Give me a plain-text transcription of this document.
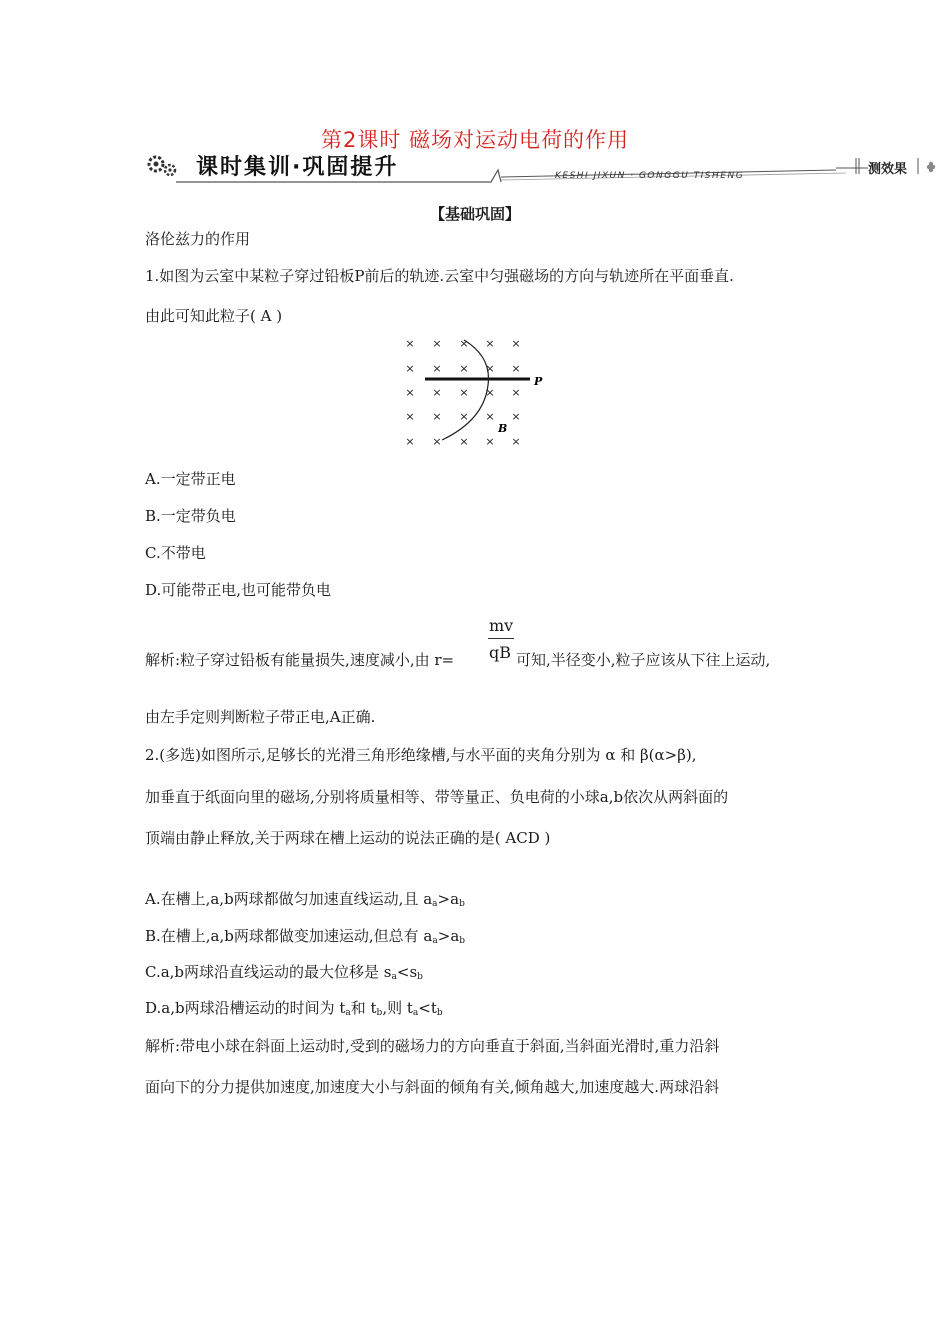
第2课时 磁场对运动电荷的作用
课时集训·巩固提升	KESHI JIXUN · GONGGU TISHENG	测效果
【基础巩固】
洛伦兹力的作用
1.如图为云室中某粒子穿过铅板P前后的轨迹.云室中匀强磁场的方向与轨迹所在平面垂直.
由此可知此粒子( A )
× × × × ×
× × × × ×
× × × × ×
× × × × ×
× × × × ×
P
B
A.一定带正电
B.一定带负电
C.不带电
D.可能带正电,也可能带负电
解析:粒子穿过铅板有能量损失,速度减小,由 r=
mv
qB 可知,半径变小,粒子应该从下往上运动,
由左手定则判断粒子带正电,A正确.
2.(多选)如图所示,足够长的光滑三角形绝缘槽,与水平面的夹角分别为 α 和 β(α>β),
加垂直于纸面向里的磁场,分别将质量相等、带等量正、负电荷的小球a,b依次从两斜面的
顶端由静止释放,关于两球在槽上运动的说法正确的是( ACD )
A.在槽上,a,b两球都做匀加速直线运动,且 $a_a>a_b$
B.在槽上,a,b两球都做变加速运动,但总有 $a_a>a_b$
C.a,b两球沿直线运动的最大位移是 $s_a<s_b$
D.a,b两球沿槽运动的时间为 $t_a$和 $t_b$,则 $t_a<t_b$
解析:带电小球在斜面上运动时,受到的磁场力的方向垂直于斜面,当斜面光滑时,重力沿斜
面向下的分力提供加速度,加速度大小与斜面的倾角有关,倾角越大,加速度越大.两球沿斜
